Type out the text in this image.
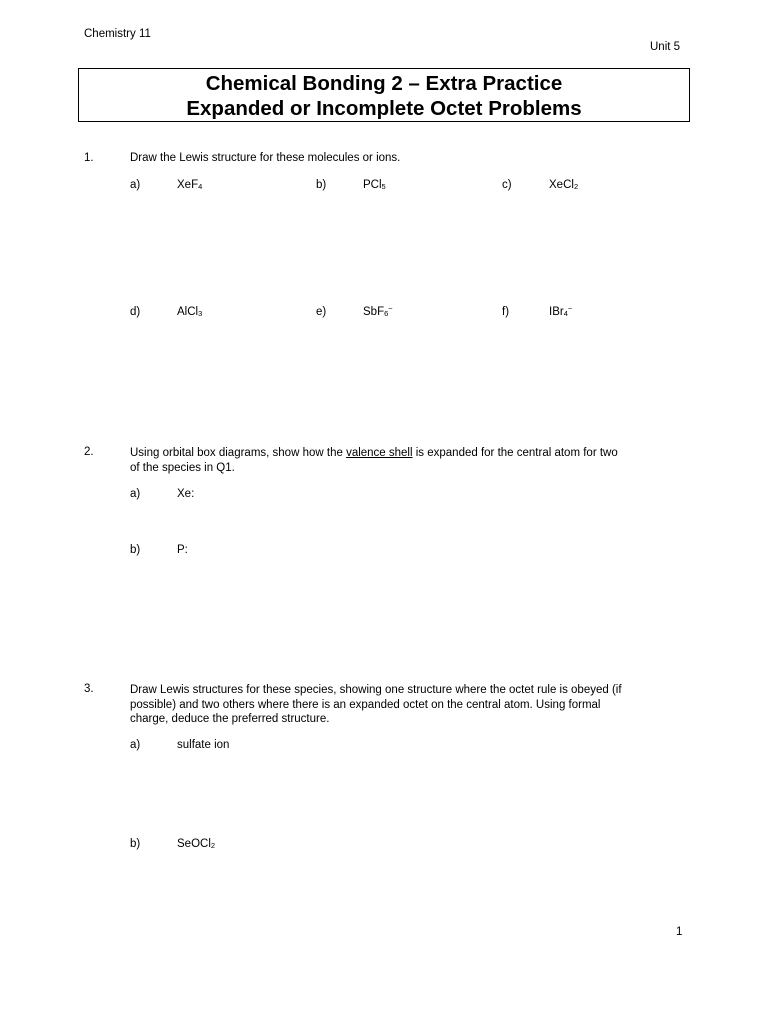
Chemistry 11
Unit 5
Chemical Bonding 2 – Extra Practice
Expanded or Incomplete Octet Problems
1.	Draw the Lewis structure for these molecules or ions.
a)	XeF$_4$	b)	PCl$_5$	c)	XeCl$_2$
d)	AlCl$_3$	e)	SbF$_6$−	f)	IBr$_4$−
2.	Using orbital box diagrams, show how the valence shell is expanded for the central atom for two
of the species in Q1.
a)	Xe:
b)	P:
3.	Draw Lewis structures for these species, showing one structure where the octet rule is obeyed (if
possible) and two others where there is an expanded octet on the central atom. Using formal
charge, deduce the preferred structure.
a)	sulfate ion
b)	SeOCl$_2$
1
